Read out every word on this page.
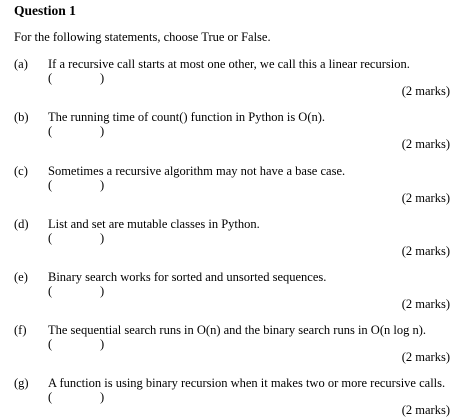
Question 1
For the following statements, choose True or False.
(a) If a recursive call starts at most one other, we call this a linear recursion.
(	)
(2 marks)
(b) The running time of count() function in Python is O(n).
(	)
(2 marks)
(c) Sometimes a recursive algorithm may not have a base case.
(	)
(2 marks)
(d) List and set are mutable classes in Python.
(	)
(2 marks)
(e) Binary search works for sorted and unsorted sequences.
(	)
(2 marks)
(f) The sequential search runs in O(n) and the binary search runs in O(n log n).
(	)
(2 marks)
(g) A function is using binary recursion when it makes two or more recursive calls.
(	)
(2 marks)
